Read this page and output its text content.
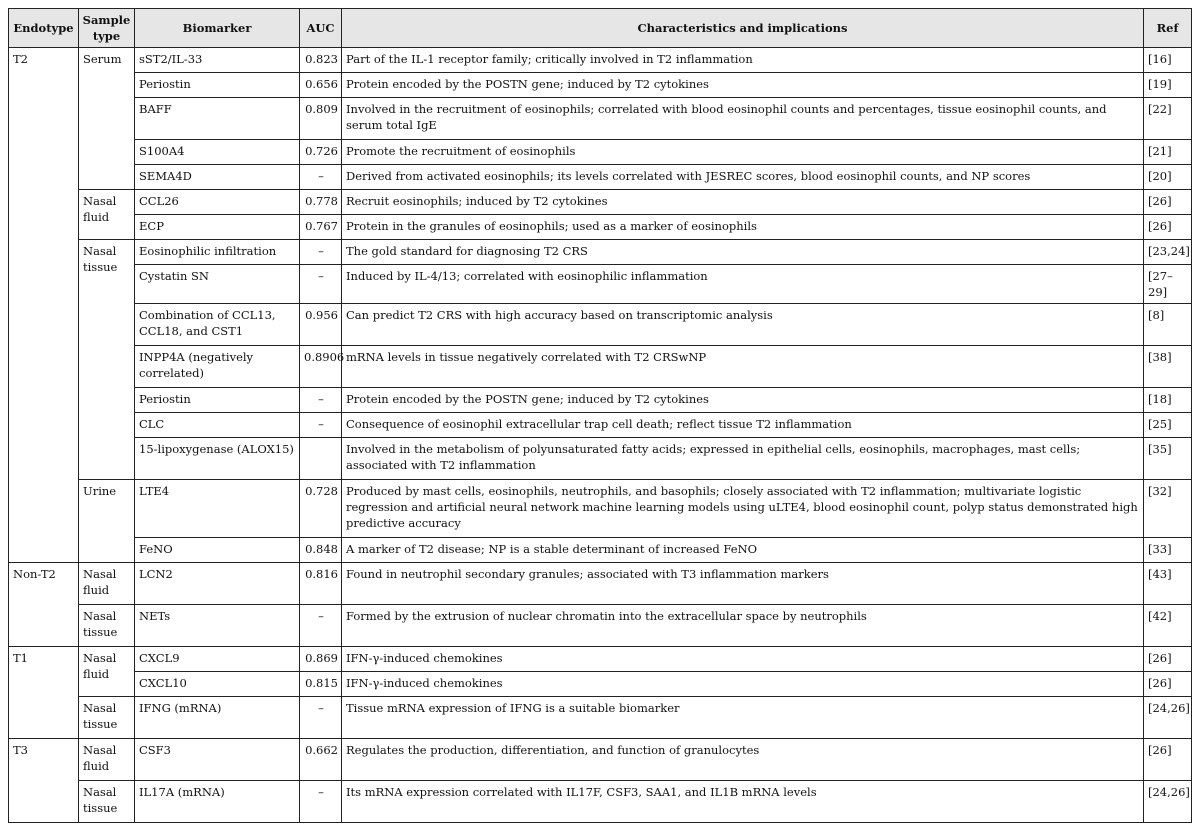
Endotype	Sample type	Biomarker	AUC	Characteristics and implications	Ref
T2	Serum	sST2/IL-33	0.823	Part of the IL-1 receptor family; critically involved in T2 inflammation	[16]
		Periostin	0.656	Protein encoded by the POSTN gene; induced by T2 cytokines	[19]
		BAFF	0.809	Involved in the recruitment of eosinophils; correlated with blood eosinophil counts and percentages, tissue eosinophil counts, and serum total IgE	[22]
		S100A4	0.726	Promote the recruitment of eosinophils	[21]
		SEMA4D	–	Derived from activated eosinophils; its levels correlated with JESREC scores, blood eosinophil counts, and NP scores	[20]
	Nasal fluid	CCL26	0.778	Recruit eosinophils; induced by T2 cytokines	[26]
		ECP	0.767	Protein in the granules of eosinophils; used as a marker of eosinophils	[26]
	Nasal tissue	Eosinophilic infiltration	–	The gold standard for diagnosing T2 CRS	[23,24]
		Cystatin SN	–	Induced by IL-4/13; correlated with eosinophilic inflammation	[27–29]
		Combination of CCL13, CCL18, and CST1	0.956	Can predict T2 CRS with high accuracy based on transcriptomic analysis	[8]
		INPP4A (negatively correlated)	0.8906	mRNA levels in tissue negatively correlated with T2 CRSwNP	[38]
		Periostin	–	Protein encoded by the POSTN gene; induced by T2 cytokines	[18]
		CLC	–	Consequence of eosinophil extracellular trap cell death; reflect tissue T2 inflammation	[25]
		15-lipoxygenase (ALOX15)		Involved in the metabolism of polyunsaturated fatty acids; expressed in epithelial cells, eosinophils, macrophages, mast cells; associated with T2 inflammation	[35]
	Urine	LTE4	0.728	Produced by mast cells, eosinophils, neutrophils, and basophils; closely associated with T2 inflammation; multivariate logistic regression and artificial neural network machine learning models using uLTE4, blood eosinophil count, polyp status demonstrated high predictive accuracy	[32]
		FeNO	0.848	A marker of T2 disease; NP is a stable determinant of increased FeNO	[33]
Non-T2	Nasal fluid	LCN2	0.816	Found in neutrophil secondary granules; associated with T3 inflammation markers	[43]
	Nasal tissue	NETs	–	Formed by the extrusion of nuclear chromatin into the extracellular space by neutrophils	[42]
T1	Nasal fluid	CXCL9	0.869	IFN-γ-induced chemokines	[26]
		CXCL10	0.815	IFN-γ-induced chemokines	[26]
	Nasal tissue	IFNG (mRNA)	–	Tissue mRNA expression of IFNG is a suitable biomarker	[24,26]
T3	Nasal fluid	CSF3	0.662	Regulates the production, differentiation, and function of granulocytes	[26]
	Nasal tissue	IL17A (mRNA)	–	Its mRNA expression correlated with IL17F, CSF3, SAA1, and IL1B mRNA levels	[24,26]
